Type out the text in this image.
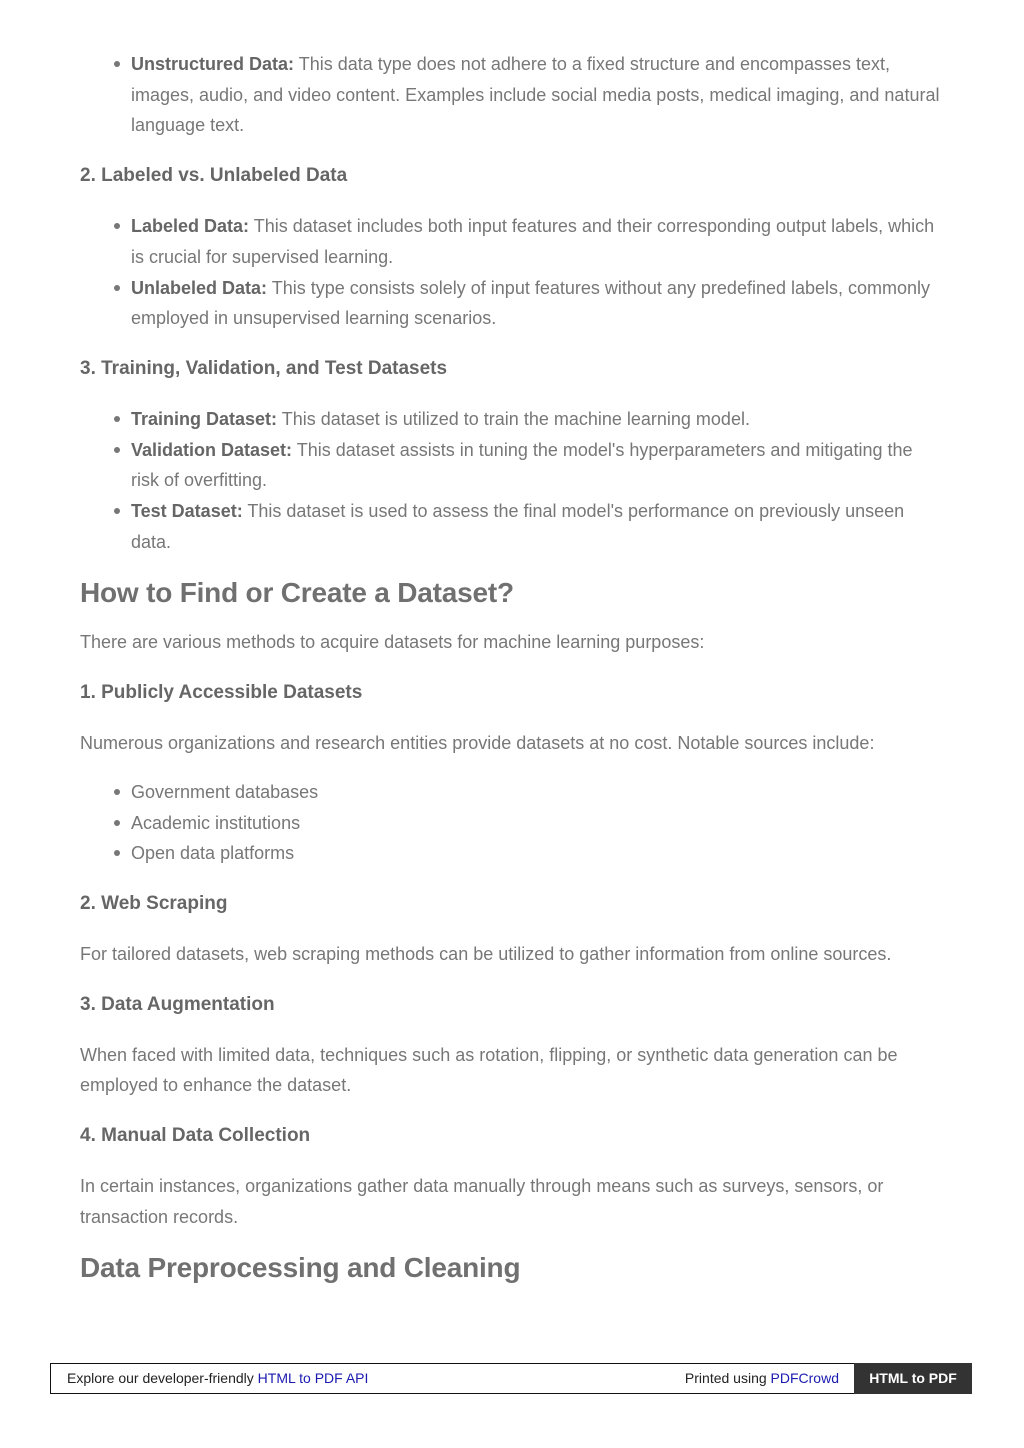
Unstructured Data: This data type does not adhere to a fixed structure and encompasses text, images, audio, and video content. Examples include social media posts, medical imaging, and natural language text.
2. Labeled vs. Unlabeled Data
Labeled Data: This dataset includes both input features and their corresponding output labels, which is crucial for supervised learning.
Unlabeled Data: This type consists solely of input features without any predefined labels, commonly employed in unsupervised learning scenarios.
3. Training, Validation, and Test Datasets
Training Dataset: This dataset is utilized to train the machine learning model.
Validation Dataset: This dataset assists in tuning the model's hyperparameters and mitigating the risk of overfitting.
Test Dataset: This dataset is used to assess the final model's performance on previously unseen data.
How to Find or Create a Dataset?

There are various methods to acquire datasets for machine learning purposes:

1. Publicly Accessible Datasets

Numerous organizations and research entities provide datasets at no cost. Notable sources include:

Government databases
Academic institutions
Open data platforms
2. Web Scraping

For tailored datasets, web scraping methods can be utilized to gather information from online sources.

3. Data Augmentation

When faced with limited data, techniques such as rotation, flipping, or synthetic data generation can be employed to enhance the dataset.

4. Manual Data Collection

In certain instances, organizations gather data manually through means such as surveys, sensors, or transaction records.

Data Preprocessing and Cleaning
Explore our developer-friendly HTML to PDF API	Printed using PDFCrowd	HTML to PDF
